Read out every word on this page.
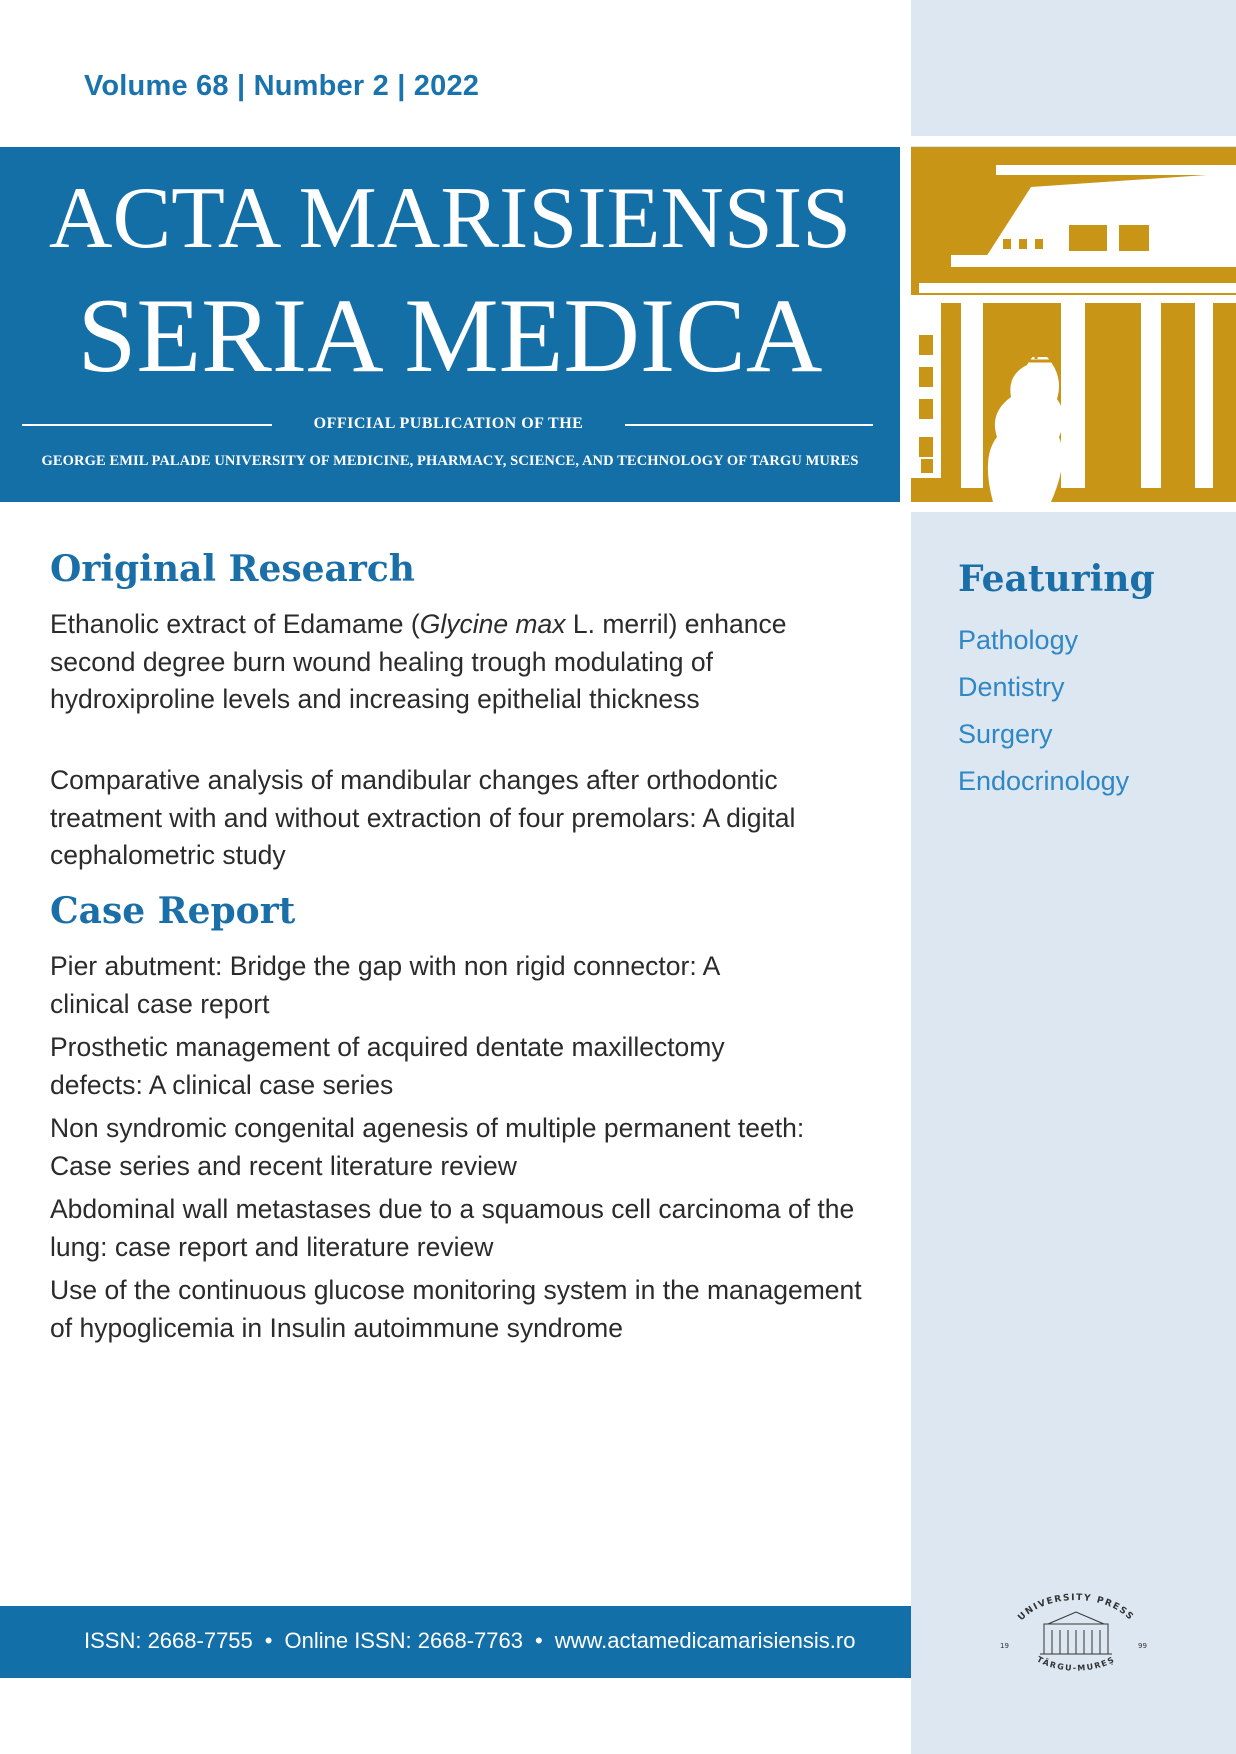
Volume 68 | Number 2 | 2022
ACTA MARISIENSIS
SERIA MEDICA
OFFICIAL PUBLICATION OF THE
GEORGE EMIL PALADE UNIVERSITY OF MEDICINE, PHARMACY, SCIENCE, AND TECHNOLOGY OF TARGU MURES
Original Research
Ethanolic extract of Edamame (Glycine max L. merril) enhance second degree burn wound healing trough modulating of hydroxiproline levels and increasing epithelial thickness
Comparative analysis of mandibular changes after orthodontic treatment with and without extraction of four premolars: A digital cephalometric study
Case Report
Pier abutment: Bridge the gap with non rigid connector: A clinical case report
Prosthetic management of acquired dentate maxillectomy defects: A clinical case series
Non syndromic congenital agenesis of multiple permanent teeth: Case series and recent literature review
Abdominal wall metastases due to a squamous cell carcinoma of the lung: case report and literature review
Use of the continuous glucose monitoring system in the management of hypoglicemia in Insulin autoimmune syndrome
Featuring
Pathology
Dentistry
Surgery
Endocrinology
ISSN: 2668-7755 • Online ISSN: 2668-7763 • www.actamedicamarisiensis.ro
UNIVERSITY PRESS
TÂRGU-MUREȘ
19	99
